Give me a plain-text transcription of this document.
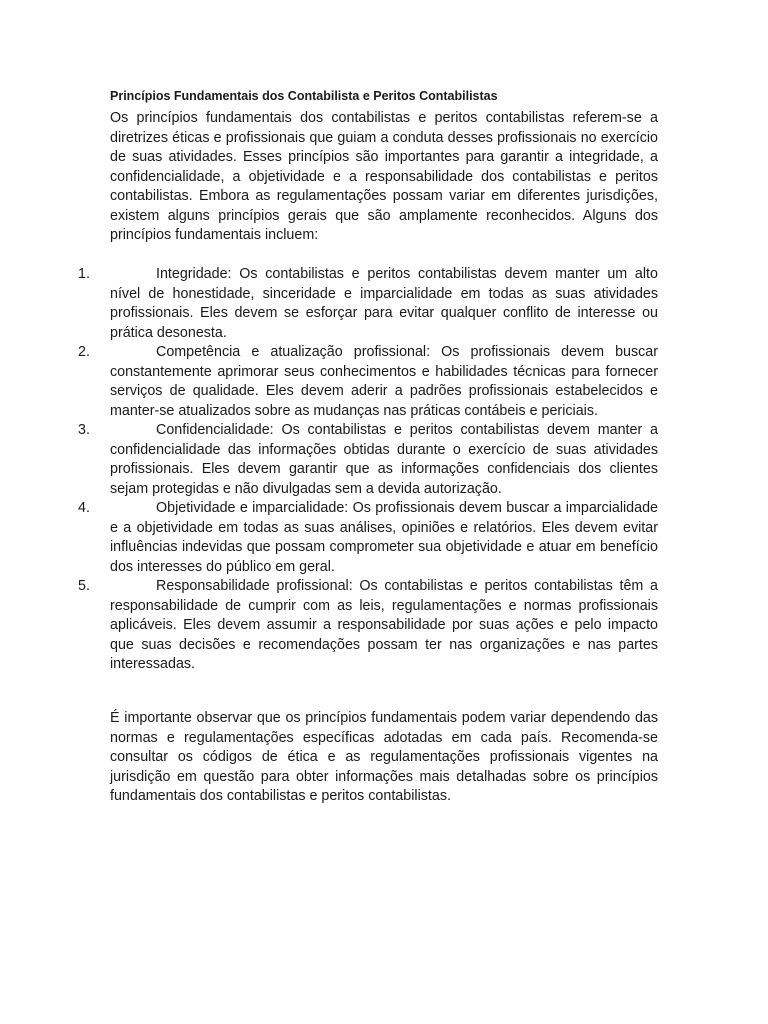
Princípios Fundamentais dos Contabilista e Peritos Contabilistas

Os princípios fundamentais dos contabilistas e peritos contabilistas referem-se a diretrizes éticas e profissionais que guiam a conduta desses profissionais no exercício de suas atividades. Esses princípios são importantes para garantir a integridade, a confidencialidade, a objetividade e a responsabilidade dos contabilistas e peritos contabilistas. Embora as regulamentações possam variar em diferentes jurisdições, existem alguns princípios gerais que são amplamente reconhecidos. Alguns dos princípios fundamentais incluem:

1.	Integridade: Os contabilistas e peritos contabilistas devem manter um alto nível de honestidade, sinceridade e imparcialidade em todas as suas atividades profissionais. Eles devem se esforçar para evitar qualquer conflito de interesse ou prática desonesta.

2.	Competência e atualização profissional: Os profissionais devem buscar constantemente aprimorar seus conhecimentos e habilidades técnicas para fornecer serviços de qualidade. Eles devem aderir a padrões profissionais estabelecidos e manter-se atualizados sobre as mudanças nas práticas contábeis e periciais.

3.	Confidencialidade: Os contabilistas e peritos contabilistas devem manter a confidencialidade das informações obtidas durante o exercício de suas atividades profissionais. Eles devem garantir que as informações confidenciais dos clientes sejam protegidas e não divulgadas sem a devida autorização.

4.	Objetividade e imparcialidade: Os profissionais devem buscar a imparcialidade e a objetividade em todas as suas análises, opiniões e relatórios. Eles devem evitar influências indevidas que possam comprometer sua objetividade e atuar em benefício dos interesses do público em geral.

5.	Responsabilidade profissional: Os contabilistas e peritos contabilistas têm a responsabilidade de cumprir com as leis, regulamentações e normas profissionais aplicáveis. Eles devem assumir a responsabilidade por suas ações e pelo impacto que suas decisões e recomendações possam ter nas organizações e nas partes interessadas.

É importante observar que os princípios fundamentais podem variar dependendo das normas e regulamentações específicas adotadas em cada país. Recomenda-se consultar os códigos de ética e as regulamentações profissionais vigentes na jurisdição em questão para obter informações mais detalhadas sobre os princípios fundamentais dos contabilistas e peritos contabilistas.
